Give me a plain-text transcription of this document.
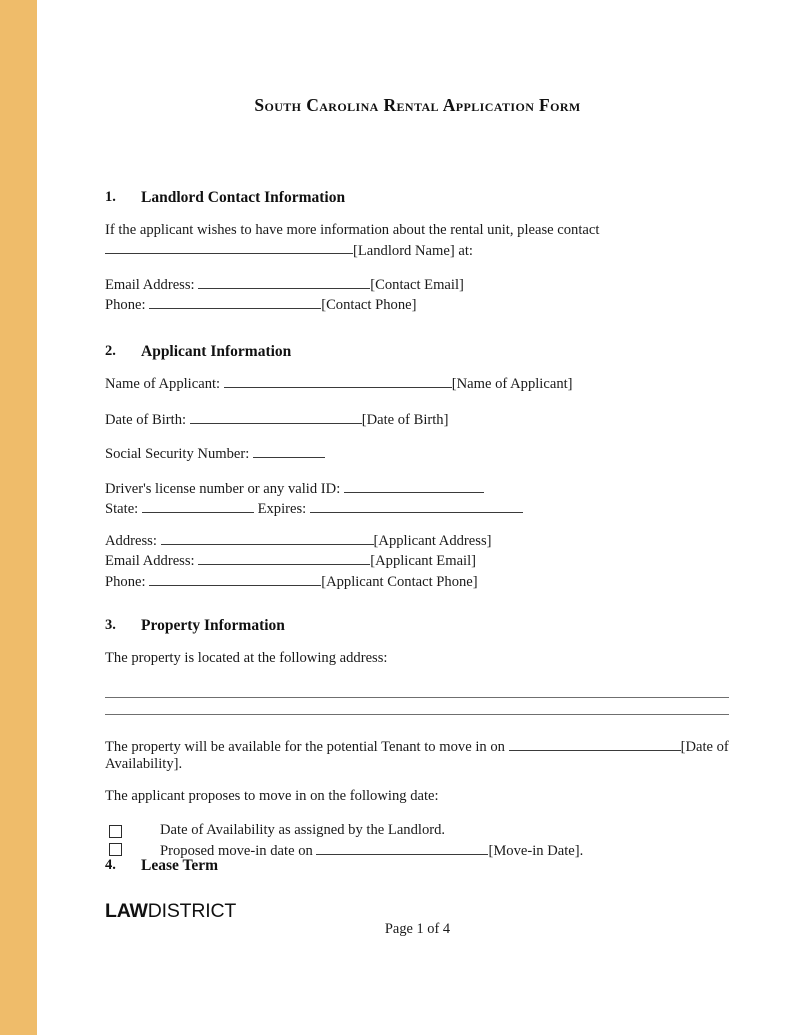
South Carolina Rental Application Form
1.	Landlord Contact Information

If the applicant wishes to have more information about the rental unit, please contact
[Landlord Name] at:

Email Address:	[Contact Email]
Phone:	[Contact Phone]

2.	Applicant Information

Name of Applicant:	[Name of Applicant]

Date of Birth:	[Date of Birth]

Social Security Number:

Driver's license number or any valid ID:
State:	Expires:

Address:	[Applicant Address]
Email Address:	[Applicant Email]
Phone:	[Applicant Contact Phone]

3.	Property Information

The property is located at the following address:

The property will be available for the potential Tenant to move in on	[Date of Availability].

The applicant proposes to move in on the following date:

Date of Availability as assigned by the Landlord.
Proposed move-in date on	[Move-in Date].
4.	Lease Term
Page 1 of 4
LAWDISTRICT
